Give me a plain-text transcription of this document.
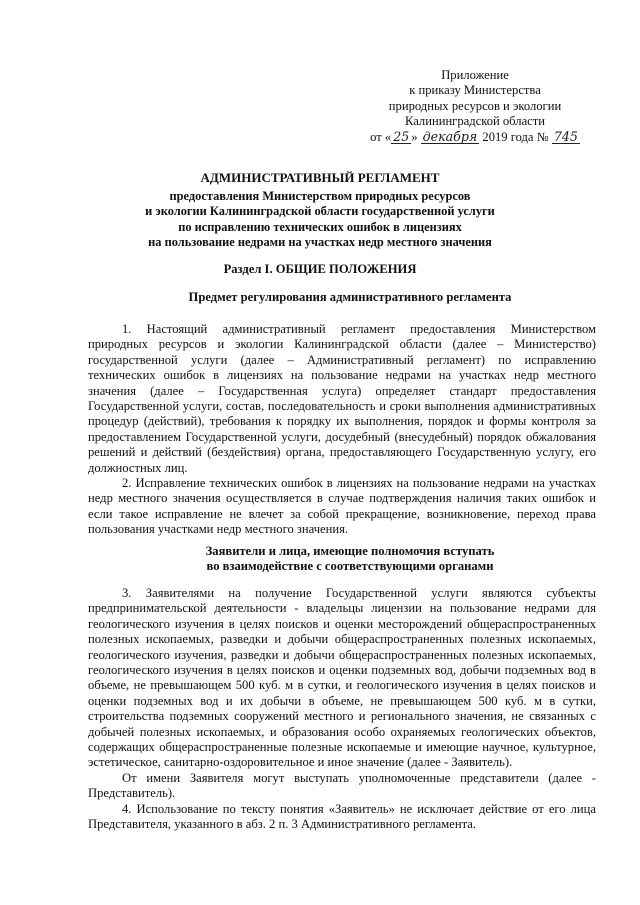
Приложение
к приказу Министерства
природных ресурсов и экологии
Калининградской области
от « 25 » декабря 2019 года № 745
АДМИНИСТРАТИВНЫЙ РЕГЛАМЕНТ
предоставления Министерством природных ресурсов
и экологии Калининградской области государственной услуги
по исправлению технических ошибок в лицензиях
на пользование недрами на участках недр местного значения
Раздел I. ОБЩИЕ ПОЛОЖЕНИЯ
Предмет регулирования административного регламента

1. Настоящий административный регламент предоставления Министерством природных ресурсов и экологии Калининградской области (далее – Министерство) государственной услуги (далее – Административный регламент) по исправлению технических ошибок в лицензиях на пользование недрами на участках недр местного значения (далее – Государственная услуга) определяет стандарт предоставления Государственной услуги, состав, последовательность и сроки выполнения административных процедур (действий), требования к порядку их выполнения, порядок и формы контроля за предоставлением Государственной услуги, досудебный (внесудебный) порядок обжалования решений и действий (бездействия) органа, предоставляющего Государственную услугу, его должностных лиц.

2. Исправление технических ошибок в лицензиях на пользование недрами на участках недр местного значения осуществляется в случае подтверждения наличия таких ошибок и если такое исправление не влечет за собой прекращение, возникновение, переход права пользования участками недр местного значения.

Заявители и лица, имеющие полномочия вступать
во взаимодействие с соответствующими органами

3. Заявителями на получение Государственной услуги являются субъекты предпринимательской деятельности - владельцы лицензии на пользование недрами для геологического изучения в целях поисков и оценки месторождений общераспространенных полезных ископаемых, разведки и добычи общераспространенных полезных ископаемых, геологического изучения, разведки и добычи общераспространенных полезных ископаемых, геологического изучения в целях поисков и оценки подземных вод, добычи подземных вод в объеме, не превышающем 500 куб. м в сутки, и геологического изучения в целях поисков и оценки подземных вод и их добычи в объеме, не превышающем 500 куб. м в сутки, строительства подземных сооружений местного и регионального значения, не связанных с добычей полезных ископаемых, и образования особо охраняемых геологических объектов, содержащих общераспространенные полезные ископаемые и имеющие научное, культурное, эстетическое, санитарно-оздоровительное и иное значение (далее - Заявитель).

От имени Заявителя могут выступать уполномоченные представители (далее - Представитель).

4. Использование по тексту понятия «Заявитель» не исключает действие от его лица Представителя, указанного в абз. 2 п. 3 Административного регламента.
